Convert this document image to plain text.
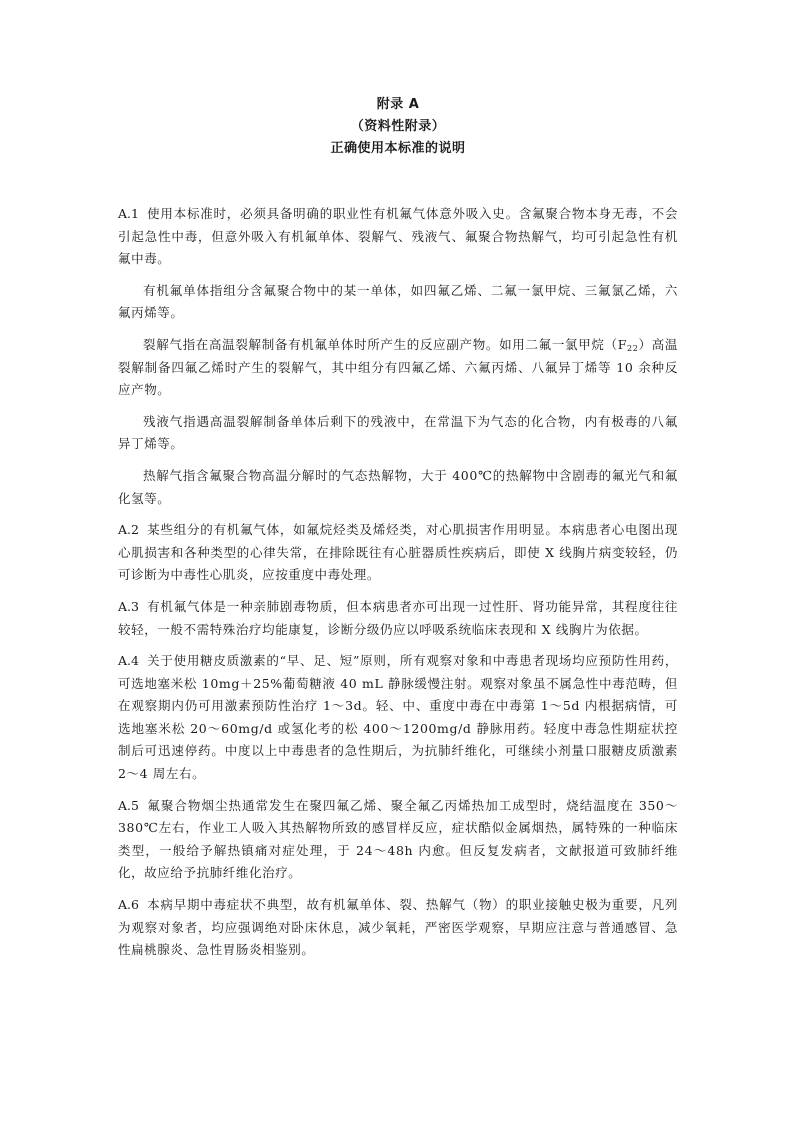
附录 A
（资料性附录）
正确使用本标准的说明

A.1 使用本标准时，必须具备明确的职业性有机氟气体意外吸入史。含氟聚合物本身无毒，不会引起急性中毒，但意外吸入有机氟单体、裂解气、残液气、氟聚合物热解气，均可引起急性有机氟中毒。

有机氟单体指组分含氟聚合物中的某一单体，如四氟乙烯、二氟一氯甲烷、三氟氯乙烯，六氟丙烯等。

裂解气指在高温裂解制备有机氟单体时所产生的反应副产物。如用二氟一氯甲烷$(F_{22})$高温裂解制备四氟乙烯时产生的裂解气，其中组分有四氟乙烯、六氟丙烯、八氟异丁烯等 10 余种反应产物。

残液气指遇高温裂解制备单体后剩下的残液中，在常温下为气态的化合物，内有极毒的八氟异丁烯等。

热解气指含氟聚合物高温分解时的气态热解物，大于 400℃的热解物中含剧毒的氟光气和氟化氢等。

A.2 某些组分的有机氟气体，如氟烷烃类及烯烃类，对心肌损害作用明显。本病患者心电图出现心肌损害和各种类型的心律失常，在排除既往有心脏器质性疾病后，即使 X 线胸片病变较轻，仍可诊断为中毒性心肌炎，应按重度中毒处理。

A.3 有机氟气体是一种亲肺剧毒物质，但本病患者亦可出现一过性肝、肾功能异常，其程度往往较轻，一般不需特殊治疗均能康复，诊断分级仍应以呼吸系统临床表现和 X 线胸片为依据。

A.4 关于使用糖皮质激素的“早、足、短”原则，所有观察对象和中毒患者现场均应预防性用药，可选地塞米松 10mg＋25%葡萄糖液 40 mL 静脉缓慢注射。观察对象虽不属急性中毒范畴，但在观察期内仍可用激素预防性治疗 1～3d。轻、中、重度中毒在中毒第 1～5d 内根据病情，可选地塞米松 20～60mg/d 或氢化考的松 400～1200mg/d 静脉用药。轻度中毒急性期症状控制后可迅速停药。中度以上中毒患者的急性期后，为抗肺纤维化，可继续小剂量口服糖皮质激素 2～4 周左右。

A.5 氟聚合物烟尘热通常发生在聚四氟乙烯、聚全氟乙丙烯热加工成型时，烧结温度在 350～380℃左右，作业工人吸入其热解物所致的感冒样反应，症状酷似金属烟热，属特殊的一种临床类型，一般给予解热镇痛对症处理，于 24～48h 内愈。但反复发病者，文献报道可致肺纤维化，故应给予抗肺纤维化治疗。

A.6 本病早期中毒症状不典型，故有机氟单体、裂、热解气（物）的职业接触史极为重要，凡列为观察对象者，均应强调绝对卧床休息，减少氧耗，严密医学观察，早期应注意与普通感冒、急性扁桃腺炎、急性胃肠炎相鉴别。
